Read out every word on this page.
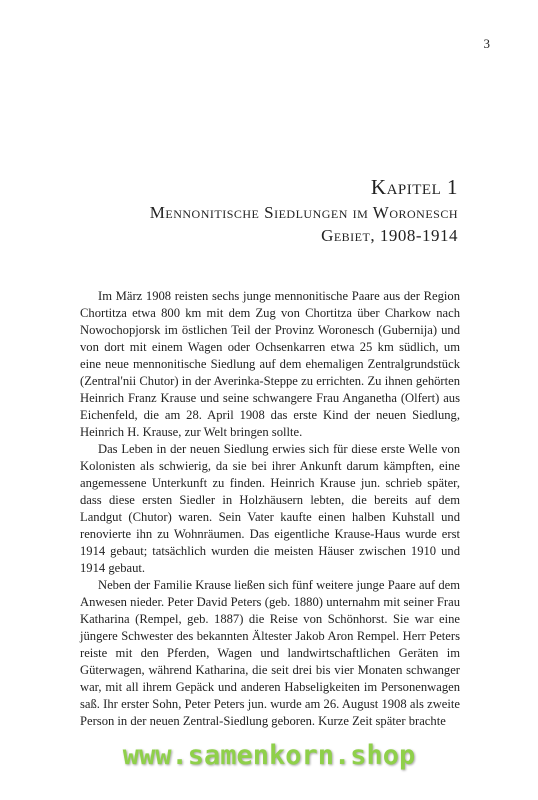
3
Kapitel 1
Mennonitische Siedlungen im Woronesch
Gebiet, 1908-1914

Im März 1908 reisten sechs junge mennonitische Paare aus der Region Chortitza etwa 800 km mit dem Zug von Chortitza über Charkow nach Nowochopjorsk im östlichen Teil der Provinz Woronesch (Gubernija) und von dort mit einem Wagen oder Ochsenkarren etwa 25 km südlich, um eine neue mennonitische Siedlung auf dem ehemaligen Zentralgrundstück (Zentral'nii Chutor) in der Averinka-Steppe zu errichten. Zu ihnen gehörten Heinrich Franz Krause und seine schwangere Frau Anganetha (Olfert) aus Eichenfeld, die am 28. April 1908 das erste Kind der neuen Siedlung, Heinrich H. Krause, zur Welt bringen sollte.

Das Leben in der neuen Siedlung erwies sich für diese erste Welle von Kolonisten als schwierig, da sie bei ihrer Ankunft darum kämpften, eine angemessene Unterkunft zu finden. Heinrich Krause jun. schrieb später, dass diese ersten Siedler in Holzhäusern lebten, die bereits auf dem Landgut (Chutor) waren. Sein Vater kaufte einen halben Kuhstall und renovierte ihn zu Wohnräumen. Das eigentliche Krause-Haus wurde erst 1914 gebaut; tatsächlich wurden die meisten Häuser zwischen 1910 und 1914 gebaut.

Neben der Familie Krause ließen sich fünf weitere junge Paare auf dem Anwesen nieder. Peter David Peters (geb. 1880) unternahm mit seiner Frau Katharina (Rempel, geb. 1887) die Reise von Schönhorst. Sie war eine jüngere Schwester des bekannten Ältester Jakob Aron Rempel. Herr Peters reiste mit den Pferden, Wagen und landwirtschaftlichen Geräten im Güterwagen, während Katharina, die seit drei bis vier Monaten schwanger war, mit all ihrem Gepäck und anderen Habseligkeiten im Personenwagen saß. Ihr erster Sohn, Peter Peters jun. wurde am 26. August 1908 als zweite Person in der neuen Zentral-Siedlung geboren. Kurze Zeit später brachte

www.samenkorn.shop
